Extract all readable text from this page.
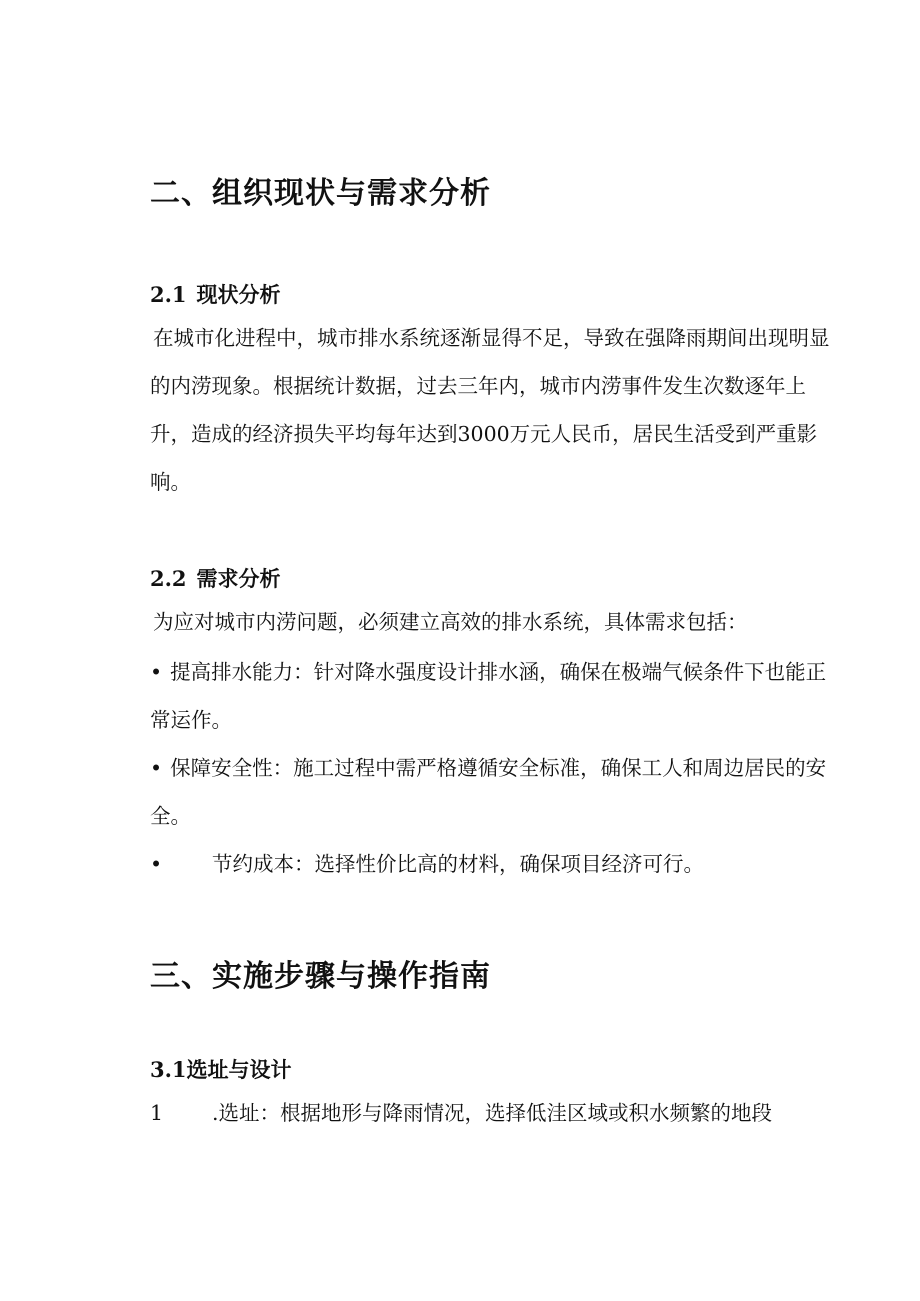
二、组织现状与需求分析
2.1 现状分析

在城市化进程中，城市排水系统逐渐显得不足，导致在强降雨期间出现明显的内涝现象。根据统计数据，过去三年内，城市内涝事件发生次数逐年上升，造成的经济损失平均每年达到3000万元人民币，居民生活受到严重影响。

2.2 需求分析

为应对城市内涝问题，必须建立高效的排水系统，具体需求包括：

• 提高排水能力：针对降水强度设计排水涵，确保在极端气候条件下也能正常运作。

• 保障安全性：施工过程中需严格遵循安全标准，确保工人和周边居民的安全。

• 节约成本：选择性价比高的材料，确保项目经济可行。

三、实施步骤与操作指南
3.1选址与设计

1 .选址：根据地形与降雨情况，选择低洼区域或积水频繁的地段
